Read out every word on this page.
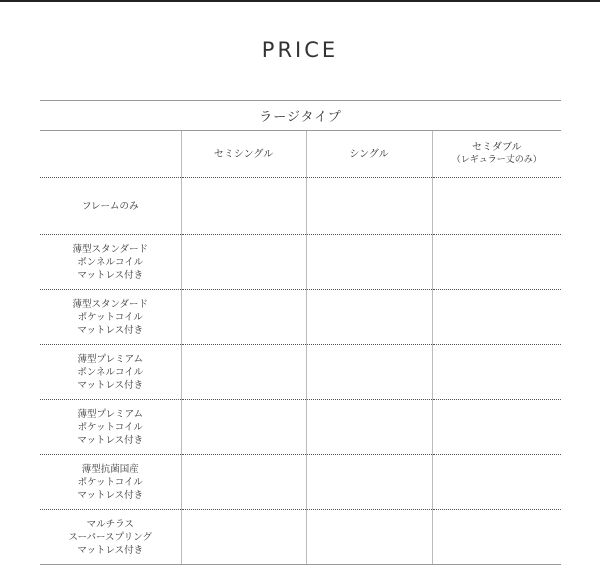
PRICE
ラージタイプ			
	セミシングル	シングル	セミダブル
（レギュラー丈のみ）

フレームのみ			

薄型スタンダード
ボンネルコイル
マットレス付き			

薄型スタンダード
ポケットコイル
マットレス付き			

薄型プレミアム
ボンネルコイル
マットレス付き			

薄型プレミアム
ポケットコイル
マットレス付き			

薄型抗菌国産
ポケットコイル
マットレス付き			

マルチラス
スーパースプリング
マットレス付き			
